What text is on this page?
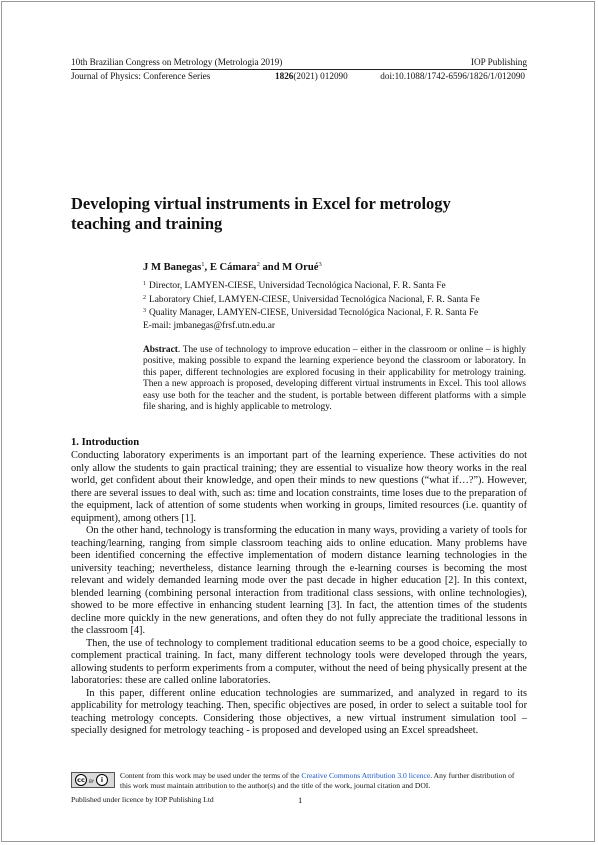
10th Brazilian Congress on Metrology (Metrologia 2019)	IOP Publishing
Journal of Physics: Conference Series	1826(2021) 012090	doi:10.1088/1742-6596/1826/1/012090
Developing virtual instruments in Excel for metrology teaching and training
J M Banegas$^1$, E Cámara$^2$ and M Orué$^3$
$^1$ Director, LAMYEN-CIESE, Universidad Tecnológica Nacional, F. R. Santa Fe
$^2$ Laboratory Chief, LAMYEN-CIESE, Universidad Tecnológica Nacional, F. R. Santa Fe
$^3$ Quality Manager, LAMYEN-CIESE, Universidad Tecnológica Nacional, F. R. Santa Fe
E-mail: jmbanegas@frsf.utn.edu.ar

Abstract. The use of technology to improve education – either in the classroom or online – is highly positive, making possible to expand the learning experience beyond the classroom or laboratory. In this paper, different technologies are explored focusing in their applicability for metrology training. Then a new approach is proposed, developing different virtual instruments in Excel. This tool allows easy use both for the teacher and the student, is portable between different platforms with a simple file sharing, and is highly applicable to metrology.

1. Introduction

Conducting laboratory experiments is an important part of the learning experience. These activities do not only allow the students to gain practical training; they are essential to visualize how theory works in the real world, get confident about their knowledge, and open their minds to new questions (“what if…?”). However, there are several issues to deal with, such as: time and location constraints, time loses due to the preparation of the equipment, lack of attention of some students when working in groups, limited resources (i.e. quantity of equipment), among others [1].

On the other hand, technology is transforming the education in many ways, providing a variety of tools for teaching/learning, ranging from simple classroom teaching aids to online education. Many problems have been identified concerning the effective implementation of modern distance learning technologies in the university teaching; nevertheless, distance learning through the e-learning courses is becoming the most relevant and widely demanded learning mode over the past decade in higher education [2]. In this context, blended learning (combining personal interaction from traditional class sessions, with online technologies), showed to be more effective in enhancing student learning [3]. In fact, the attention times of the students decline more quickly in the new generations, and often they do not fully appreciate the traditional lessons in the classroom [4].

Then, the use of technology to complement traditional education seems to be a good choice, especially to complement practical training. In fact, many different technology tools were developed through the years, allowing students to perform experiments from a computer, without the need of being physically present at the laboratories: these are called online laboratories.

In this paper, different online education technologies are summarized, and analyzed in regard to its applicability for metrology teaching. Then, specific objectives are posed, in order to select a suitable tool for teaching metrology concepts. Considering those objectives, a new virtual instrument simulation tool – specially designed for metrology teaching - is proposed and developed using an Excel spreadsheet.

cc	i
BY
Content from this work may be used under the terms of the Creative Commons Attribution 3.0 licence. Any further distribution of this work must maintain attribution to the author(s) and the title of the work, journal citation and DOI.
Published under licence by IOP Publishing Ltd	1
